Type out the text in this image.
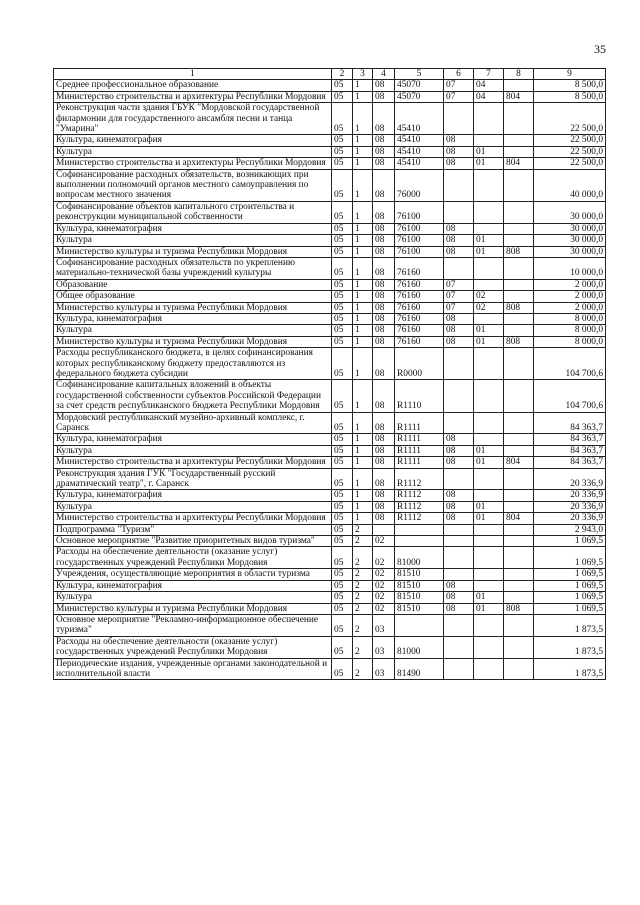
35
1	2	3	4	5	6	7	8	9
Среднее профессиональное образование	05	1	08	45070	07	04		8 500,0
Министерство строительства и архитектуры Республики Мордовия	05	1	08	45070	07	04	804	8 500,0
Реконструкция части здания ГБУК "Мордовской государственной филармонии для государственного ансамбля песни и танца "Умарина"	05	1	08	45410				22 500,0
Культура, кинематография	05	1	08	45410	08			22 500,0
Культура	05	1	08	45410	08	01		22 500,0
Министерство строительства и архитектуры Республики Мордовия	05	1	08	45410	08	01	804	22 500,0
Софинансирование расходных обязательств, возникающих при выполнении полномочий органов местного самоуправления по вопросам местного значения	05	1	08	76000				40 000,0
Софинансирование объектов капитального строительства и реконструкции муниципальной собственности	05	1	08	76100				30 000,0
Культура, кинематография	05	1	08	76100	08			30 000,0
Культура	05	1	08	76100	08	01		30 000,0
Министерство культуры и туризма Республики Мордовия	05	1	08	76100	08	01	808	30 000,0
Софинансирование расходных обязательств по укреплению материально-технической базы учреждений культуры	05	1	08	76160				10 000,0
Образование	05	1	08	76160	07			2 000,0
Общее образование	05	1	08	76160	07	02		2 000,0
Министерство культуры и туризма Республики Мордовия	05	1	08	76160	07	02	808	2 000,0
Культура, кинематография	05	1	08	76160	08			8 000,0
Культура	05	1	08	76160	08	01		8 000,0
Министерство культуры и туризма Республики Мордовия	05	1	08	76160	08	01	808	8 000,0
Расходы республиканского бюджета, в целях софинансирования которых республиканскому бюджету предоставляются из федерального бюджета субсидии	05	1	08	R0000				104 700,6
Софинансирование капитальных вложений в объекты государственной собственности субъектов Российской Федерации за счет средств республиканского бюджета Республики Мордовия	05	1	08	R1110				104 700,6
Мордовский республиканский музейно-архивный комплекс, г. Саранск	05	1	08	R1111				84 363,7
Культура, кинематография	05	1	08	R1111	08			84 363,7
Культура	05	1	08	R1111	08	01		84 363,7
Министерство строительства и архитектуры Республики Мордовия	05	1	08	R1111	08	01	804	84 363,7
Реконструкция здания ГУК "Государственный русский драматический театр", г. Саранск	05	1	08	R1112				20 336,9
Культура, кинематография	05	1	08	R1112	08			20 336,9
Культура	05	1	08	R1112	08	01		20 336,9
Министерство строительства и архитектуры Республики Мордовия	05	1	08	R1112	08	01	804	20 336,9
Подпрограмма "Туризм"	05	2						2 943,0
Основное мероприятие "Развитие приоритетных видов туризма"	05	2	02					1 069,5
Расходы на обеспечение деятельности (оказание услуг) государственных учреждений Республики Мордовия	05	2	02	81000				1 069,5
Учреждения, осуществляющие мероприятия в области туризма	05	2	02	81510				1 069,5
Культура, кинематография	05	2	02	81510	08			1 069,5
Культура	05	2	02	81510	08	01		1 069,5
Министерство культуры и туризма Республики Мордовия	05	2	02	81510	08	01	808	1 069,5
Основное мероприятие "Рекламно-информационное обеспечение туризма"	05	2	03					1 873,5
Расходы на обеспечение деятельности (оказание услуг) государственных учреждений Республики Мордовия	05	2	03	81000				1 873,5
Периодические издания, учрежденные органами законодательной и исполнительной власти	05	2	03	81490				1 873,5
